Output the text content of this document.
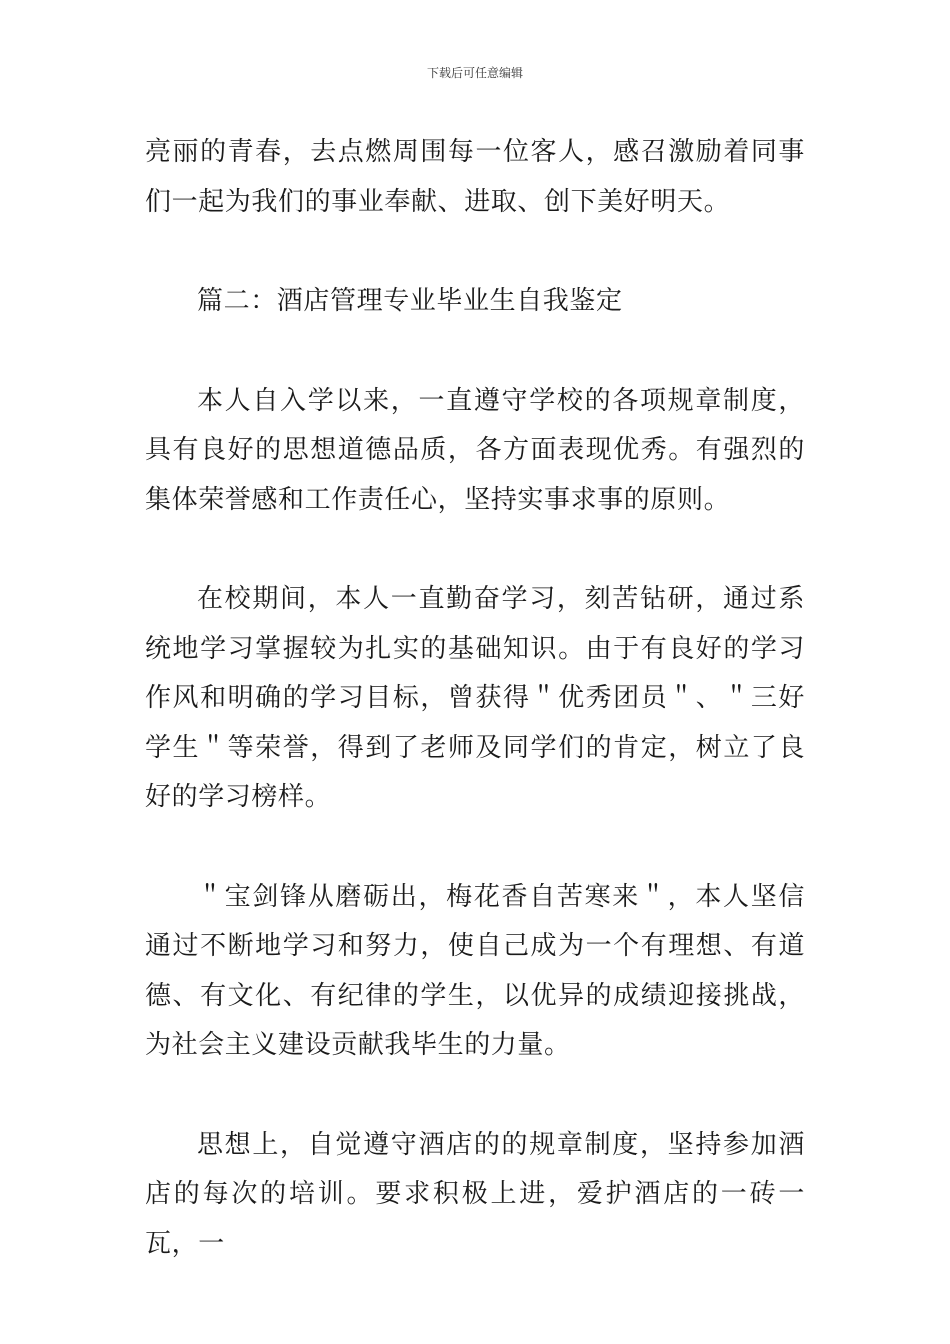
下载后可任意编辑

亮丽的青春，去点燃周围每一位客人，感召激励着同事们一起为我们的事业奉献、进取、创下美好明天。

篇二：酒店管理专业毕业生自我鉴定

本人自入学以来，一直遵守学校的各项规章制度，具有良好的思想道德品质，各方面表现优秀。有强烈的集体荣誉感和工作责任心，坚持实事求事的原则。

在校期间，本人一直勤奋学习，刻苦钻研，通过系统地学习掌握较为扎实的基础知识。由于有良好的学习作风和明确的学习目标，曾获得＂优秀团员＂、＂三好学生＂等荣誉，得到了老师及同学们的肯定，树立了良好的学习榜样。

＂宝剑锋从磨砺出，梅花香自苦寒来＂，本人坚信通过不断地学习和努力，使自己成为一个有理想、有道德、有文化、有纪律的学生，以优异的成绩迎接挑战，为社会主义建设贡献我毕生的力量。

思想上，自觉遵守酒店的的规章制度，坚持参加酒店的每次的培训。要求积极上进，爱护酒店的一砖一瓦，一
